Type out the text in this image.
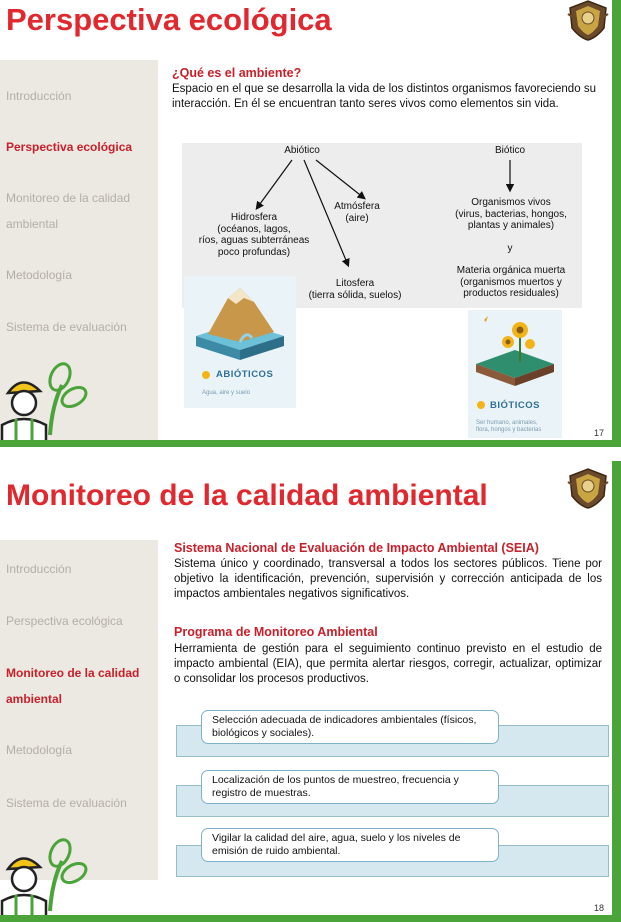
Perspectiva ecológica
Introducción
Perspectiva ecológica
Monitoreo de la calidad
ambiental
Metodología
Sistema de evaluación
¿Qué es el ambiente?

Espacio en el que se desarrolla la vida de los distintos organismos favoreciendo su interacción. En él se encuentran tanto seres vivos como elementos sin vida.

Abiótico	Biótico
Hidrosfera
(océanos, lagos,
ríos, aguas subterráneas
poco profundas)
Atmósfera
(aire)
Litosfera
(tierra sólida, suelos)
Organismos vivos
(virus, bacterias, hongos,
plantas y animales)
y
Materia orgánica muerta
(organismos muertos y
productos residuales)
ABIÓTICOS
Agua, aire y suelo
BIÓTICOS
Ser humano, animales,
flora, hongos y bacterias	17
Monitoreo de la calidad ambiental
Introducción
Perspectiva ecológica
Monitoreo de la calidad
ambiental
Metodología
Sistema de evaluación
Sistema Nacional de Evaluación de Impacto Ambiental (SEIA)

Sistema único y coordinado, transversal a todos los sectores públicos. Tiene por objetivo la identificación, prevención, supervisión y corrección anticipada de los impactos ambientales negativos significativos.

Programa de Monitoreo Ambiental

Herramienta de gestión para el seguimiento continuo previsto en el estudio de impacto ambiental (EIA), que permita alertar riesgos, corregir, actualizar, optimizar o consolidar los procesos productivos.

Selección adecuada de indicadores ambientales (físicos, biológicos y sociales).
Localización de los puntos de muestreo, frecuencia y registro de muestras.
Vigilar la calidad del aire, agua, suelo y los niveles de emisión de ruido ambiental.
18
